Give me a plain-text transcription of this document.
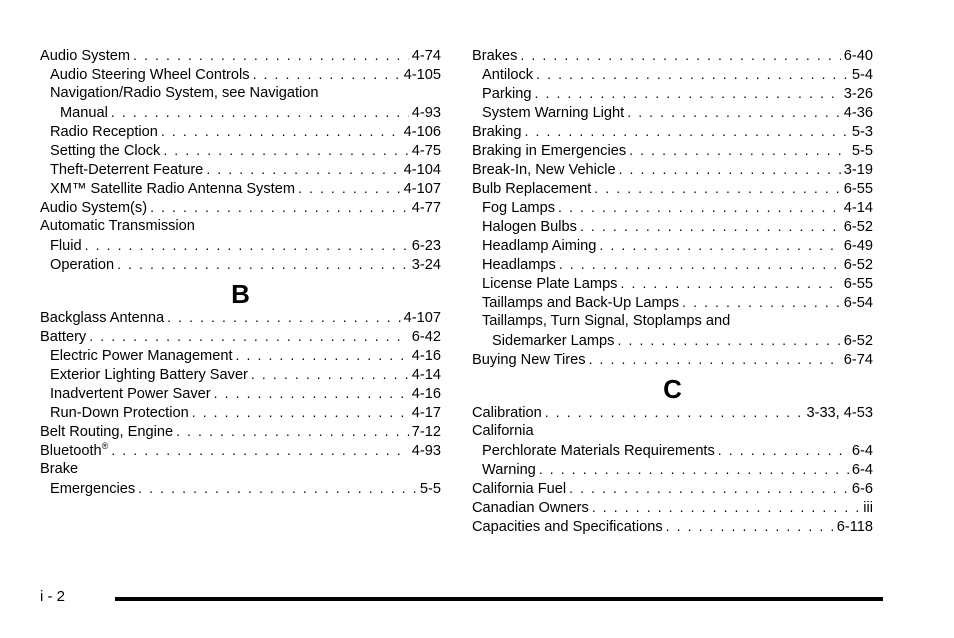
Audio System . . .	4-74
Audio Steering Wheel Controls . . .	4-105
Navigation/Radio System, see Navigation
Manual . . .	4-93
Radio Reception . . .	4-106
Setting the Clock . . .	4-75
Theft-Deterrent Feature . . .	4-104
XM™ Satellite Radio Antenna System . . .	4-107
Audio System(s) . . .	4-77
Automatic Transmission
Fluid . . .	6-23
Operation . . .	3-24
B
Backglass Antenna . . .	4-107
Battery . . .	6-42
Electric Power Management . . .	4-16
Exterior Lighting Battery Saver . . .	4-14
Inadvertent Power Saver . . .	4-16
Run-Down Protection . . .	4-17
Belt Routing, Engine . . .	7-12
Bluetooth® . . .	4-93
Brake
Emergencies . . .	5-5
Brakes . . .	6-40
Antilock . . .	5-4
Parking . . .	3-26
System Warning Light . . .	4-36
Braking . . .	5-3
Braking in Emergencies . . .	5-5
Break-In, New Vehicle . . .	3-19
Bulb Replacement . . .	6-55
Fog Lamps . . .	4-14
Halogen Bulbs . . .	6-52
Headlamp Aiming . . .	6-49
Headlamps . . .	6-52
License Plate Lamps . . .	6-55
Taillamps and Back-Up Lamps . . .	6-54
Taillamps, Turn Signal, Stoplamps and
Sidemarker Lamps . . .	6-52
Buying New Tires . . .	6-74
C
Calibration . . .	3-33, 4-53
California
Perchlorate Materials Requirements . . .	6-4
Warning . . .	6-4
California Fuel . . .	6-6
Canadian Owners . . .	iii
Capacities and Specifications . . .	6-118
i - 2
